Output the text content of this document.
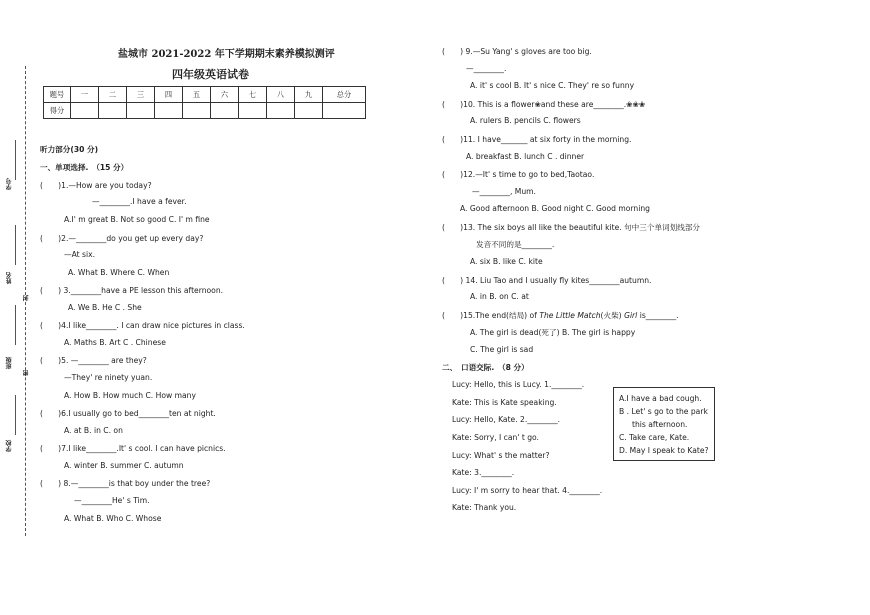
学号
姓名
封
班级
密
学校
盐城市 2021-2022 年下学期期末素养模拟测评
四年级英语试卷
题号	一	二	三	四	五	六	七	八	九	总分
得分										
听力部分(30 分)
一、单项选择.　（15 分）
(　　)1.—How are you today?
—________.I have a fever.
A.I' m great B. Not so good C. I' m fine
(　　)2.—________do you get up every day?
—At six.
A. What B. Where C. When
(　　) 3.________have a PE lesson this afternoon.
A. We B. He C . She
(　　)4.I like________. I can draw nice pictures in class.
A. Maths B. Art C . Chinese
(　　)5. —________ are they?
—They' re ninety yuan.
A. How B. How much C. How many
(　　)6.I usually go to bed________ten at night.
A. at B. in C. on
(　　)7.I like________.It' s cool. I can have picnics.
A. winter B. summer C. autumn
(　　) 8.—________is that boy under the tree?
—________He' s Tim.
A. What B. Who C. Whose
(　　) 9.—Su Yang' s gloves are too big.
—________.
A. it' s cool B. It' s nice C. They' re so funny
(　　)10. This is a flower❀and these are________.❀❀❀
A. rulers B. pencils C. flowers
(　　)11. I have_______ at six forty in the morning.
A. breakfast B. lunch C . dinner
(　　)12.—It' s time to go to bed,Taotao.
—________, Mum.
A. Good afternoon B. Good night C. Good morning
(　　)13. The six boys all like the beautiful kite. 句中三个单词划线部分
发音不同的是________.
A. six B. like C. kite
(　　) 14. Liu Tao and I usually fly kites________autumn.
A. in B. on C. at
(　　)15.The end(结局) of The Little Match(火柴) Girl is________.
A. The girl is dead(死了) B. The girl is happy
C. The girl is sad
二、　口语交际.　（8 分）
Lucy: Hello, this is Lucy. 1.________.
Kate: This is Kate speaking.
Lucy: Hello, Kate. 2.________.
Kate: Sorry, I can' t go.
Lucy: What' s the matter?
Kate: 3.________.
Lucy: I' m sorry to hear that. 4.________.
Kate: Thank you.
A.I have a bad cough.
B . Let' s go to the park
this afternoon.
C. Take care, Kate.
D. May I speak to Kate?
